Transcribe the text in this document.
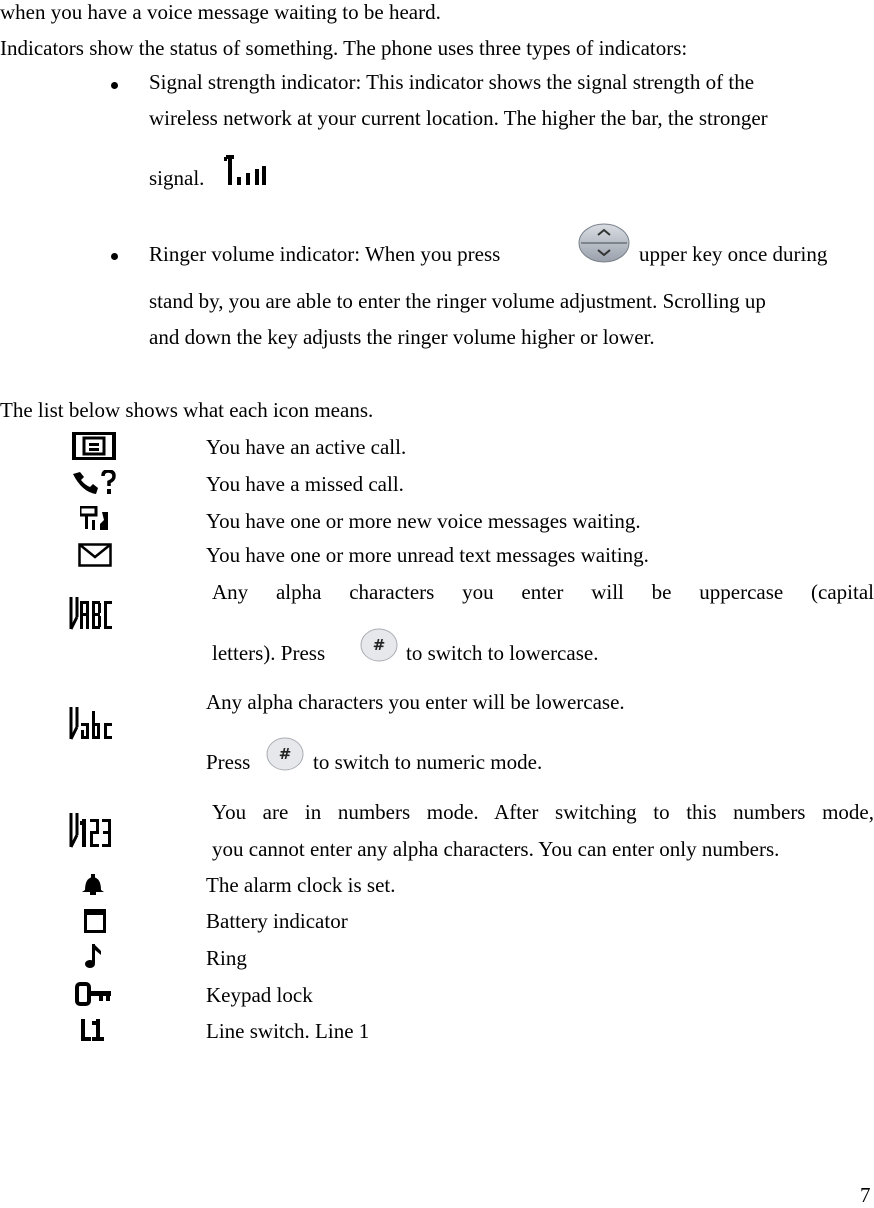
when you have a voice message waiting to be heard.
Indicators show the status of something. The phone uses three types of indicators:
Signal strength indicator: This indicator shows the signal strength of the
wireless network at your current location. The higher the bar, the stronger
signal.
Ringer volume indicator: When you press	upper key once during
stand by, you are able to enter the ringer volume adjustment. Scrolling up
and down the key adjusts the ringer volume higher or lower.
The list below shows what each icon means.
You have an active call.
You have a missed call.
You have one or more new voice messages waiting.
You have one or more unread text messages waiting.
Any alpha characters you enter will be uppercase (capital
letters). Press	# to switch to lowercase.
Any alpha characters you enter will be lowercase.
Press # to switch to numeric mode.
You are in numbers mode. After switching to this numbers mode,
you cannot enter any alpha characters. You can enter only numbers.
The alarm clock is set.
Battery indicator
Ring
Keypad lock
Line switch. Line 1
7
